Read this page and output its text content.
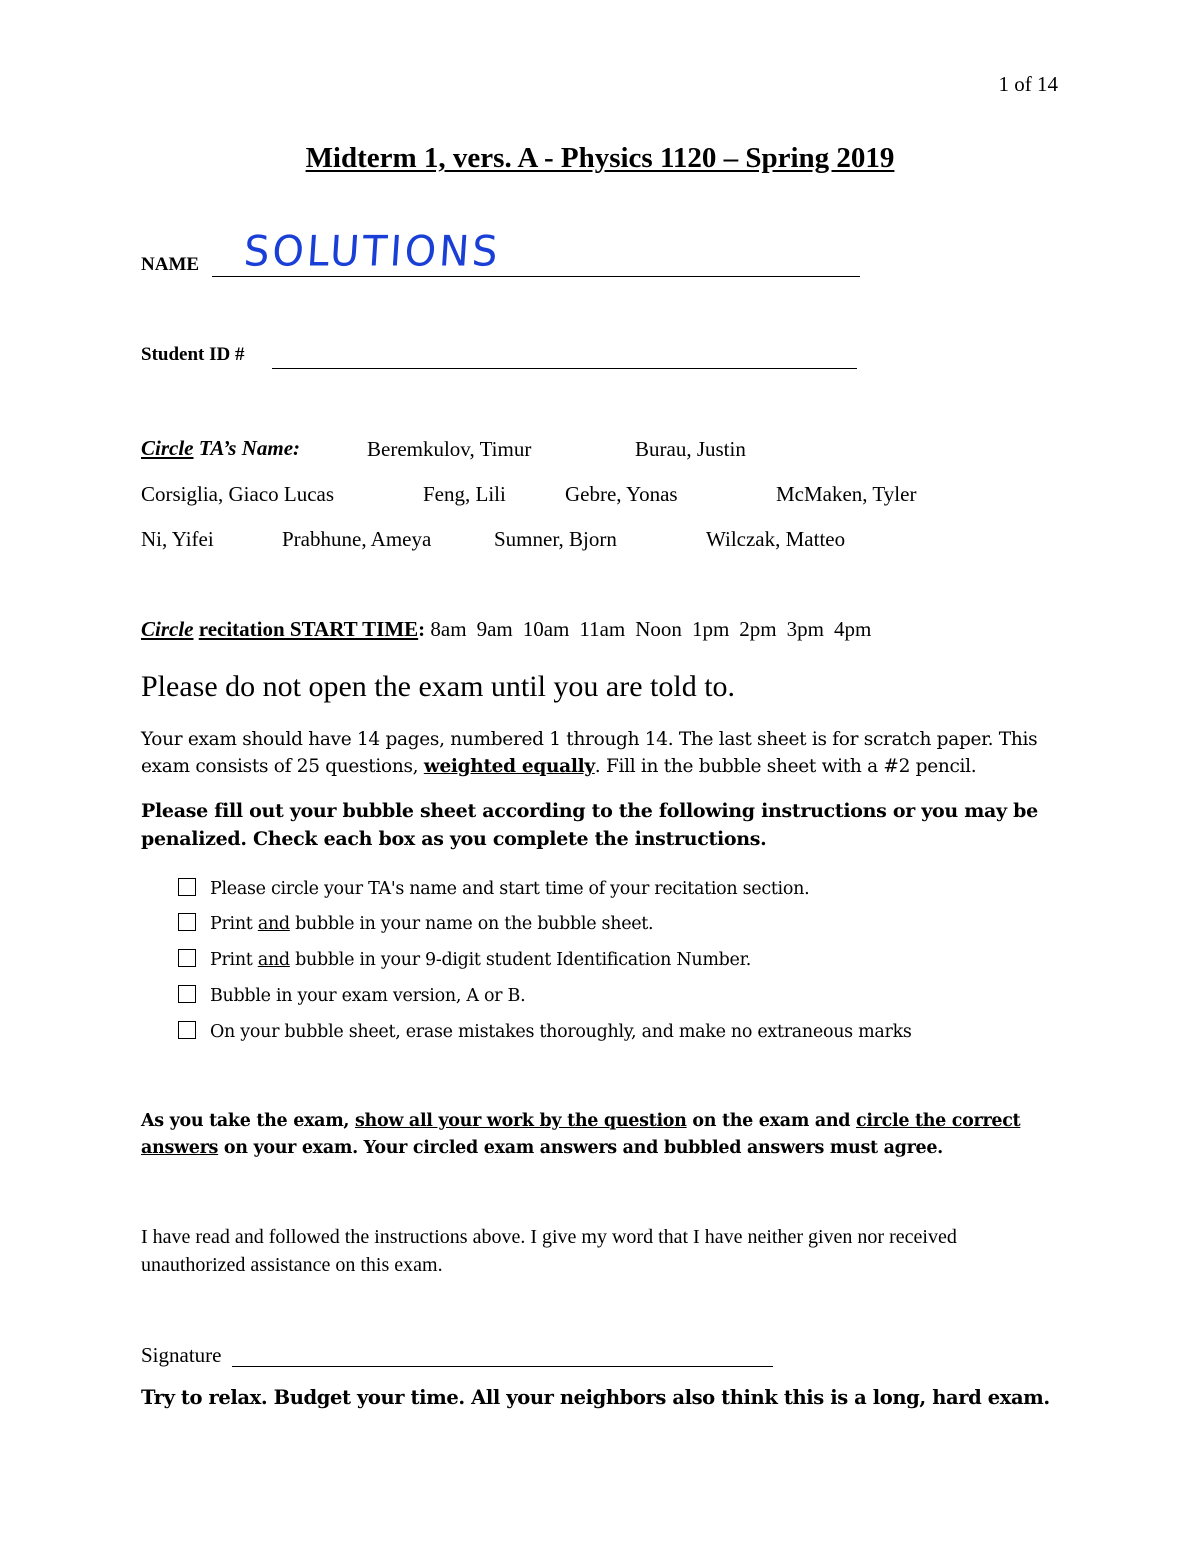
1 of 14
Midterm 1, vers. A - Physics 1120 – Spring 2019
NAME SOLUTIONS
Student ID #
Circle TA’s Name:	Beremkulov, Timur	Burau, Justin
Corsiglia, Giaco Lucas	Feng, Lili	Gebre, Yonas	McMaken, Tyler
Ni, Yifei	Prabhune, Ameya	Sumner, Bjorn	Wilczak, Matteo
Circle recitation START TIME: 8am 9am 10am 11am Noon 1pm 2pm 3pm 4pm
Please do not open the exam until you are told to.
Your exam should have 14 pages, numbered 1 through 14. The last sheet is for scratch paper. This exam consists of 25 questions, weighted equally. Fill in the bubble sheet with a #2 pencil.
Please fill out your bubble sheet according to the following instructions or you may be penalized. Check each box as you complete the instructions.
Please circle your TA's name and start time of your recitation section.
Print and bubble in your name on the bubble sheet.
Print and bubble in your 9-digit student Identification Number.
Bubble in your exam version, A or B.
On your bubble sheet, erase mistakes thoroughly, and make no extraneous marks
As you take the exam, show all your work by the question on the exam and circle the correct answers on your exam. Your circled exam answers and bubbled answers must agree.
I have read and followed the instructions above. I give my word that I have neither given nor received unauthorized assistance on this exam.
Signature
Try to relax. Budget your time. All your neighbors also think this is a long, hard exam.
